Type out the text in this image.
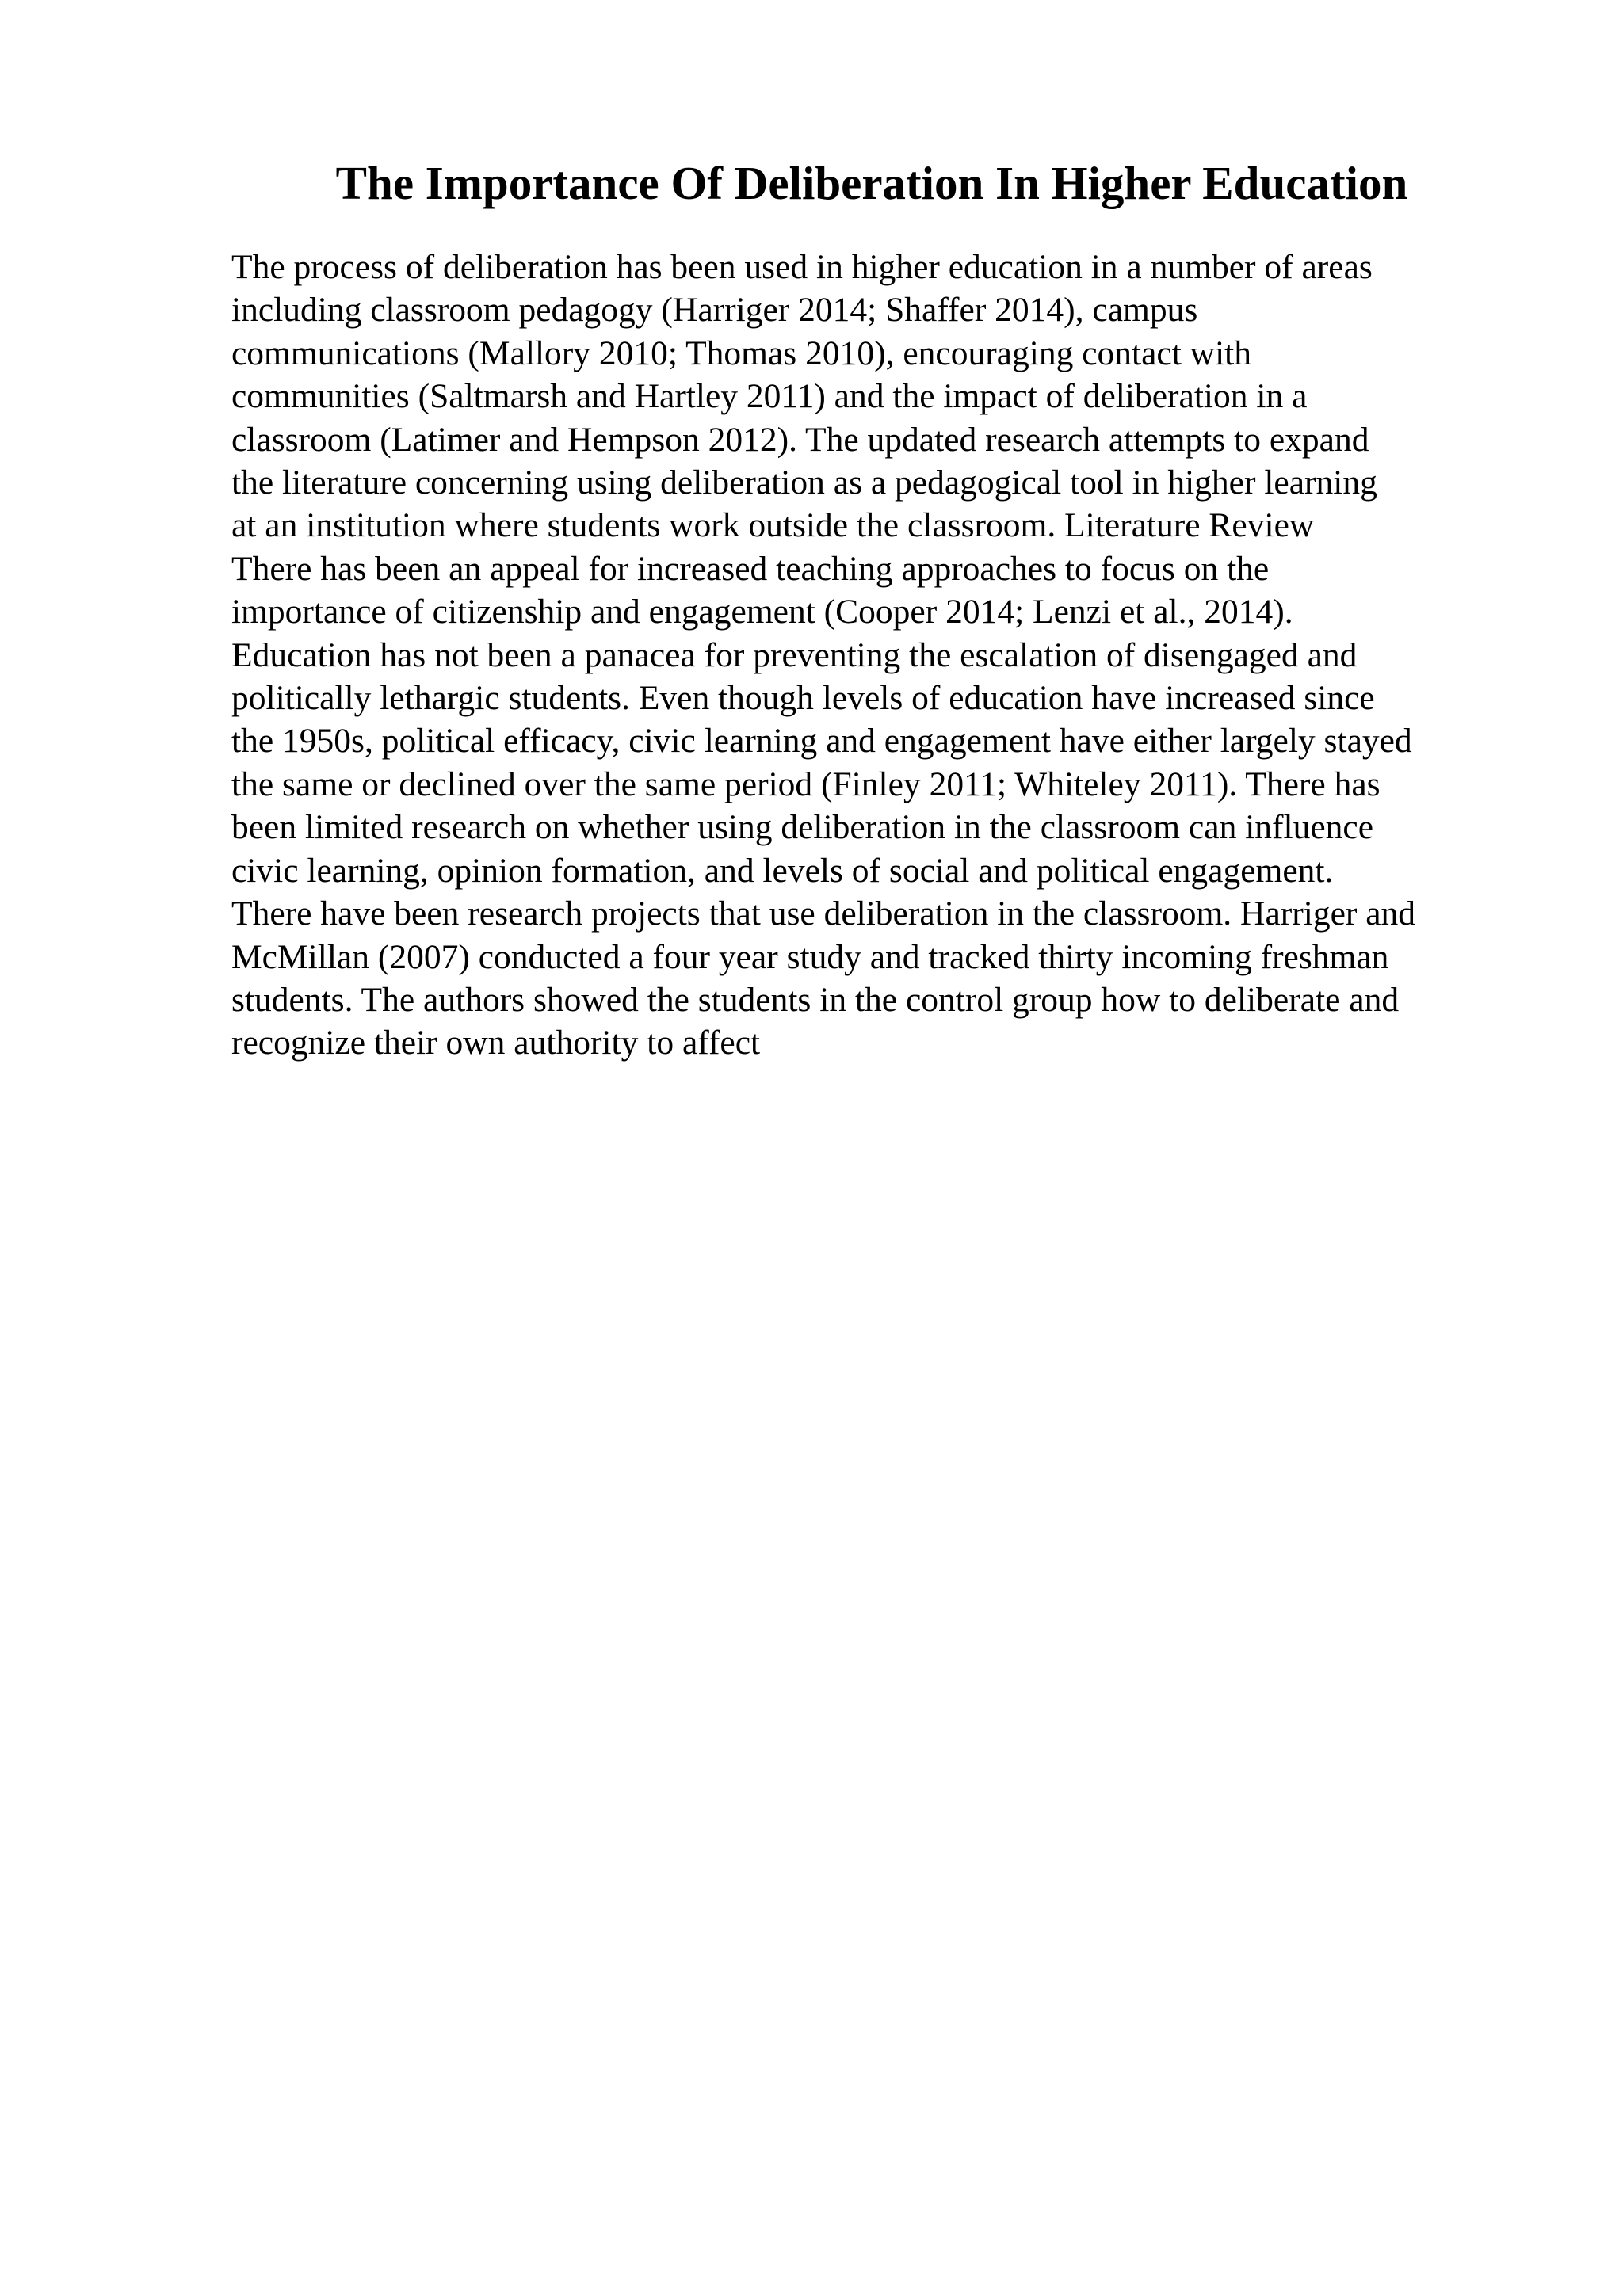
The Importance Of Deliberation In Higher Education
The process of deliberation has been used in higher education in a number of areas
including classroom pedagogy (Harriger 2014; Shaffer 2014), campus
communications (Mallory 2010; Thomas 2010), encouraging contact with
communities (Saltmarsh and Hartley 2011) and the impact of deliberation in a
classroom (Latimer and Hempson 2012). The updated research attempts to expand
the literature concerning using deliberation as a pedagogical tool in higher learning
at an institution where students work outside the classroom. Literature Review
There has been an appeal for increased teaching approaches to focus on the
importance of citizenship and engagement (Cooper 2014; Lenzi et al., 2014).
Education has not been a panacea for preventing the escalation of disengaged and
politically lethargic students. Even though levels of education have increased since
the 1950s, political efficacy, civic learning and engagement have either largely stayed
the same or declined over the same period (Finley 2011; Whiteley 2011). There has
been limited research on whether using deliberation in the classroom can influence
civic learning, opinion formation, and levels of social and political engagement.
There have been research projects that use deliberation in the classroom. Harriger and
McMillan (2007) conducted a four year study and tracked thirty incoming freshman
students. The authors showed the students in the control group how to deliberate and
recognize their own authority to affect
